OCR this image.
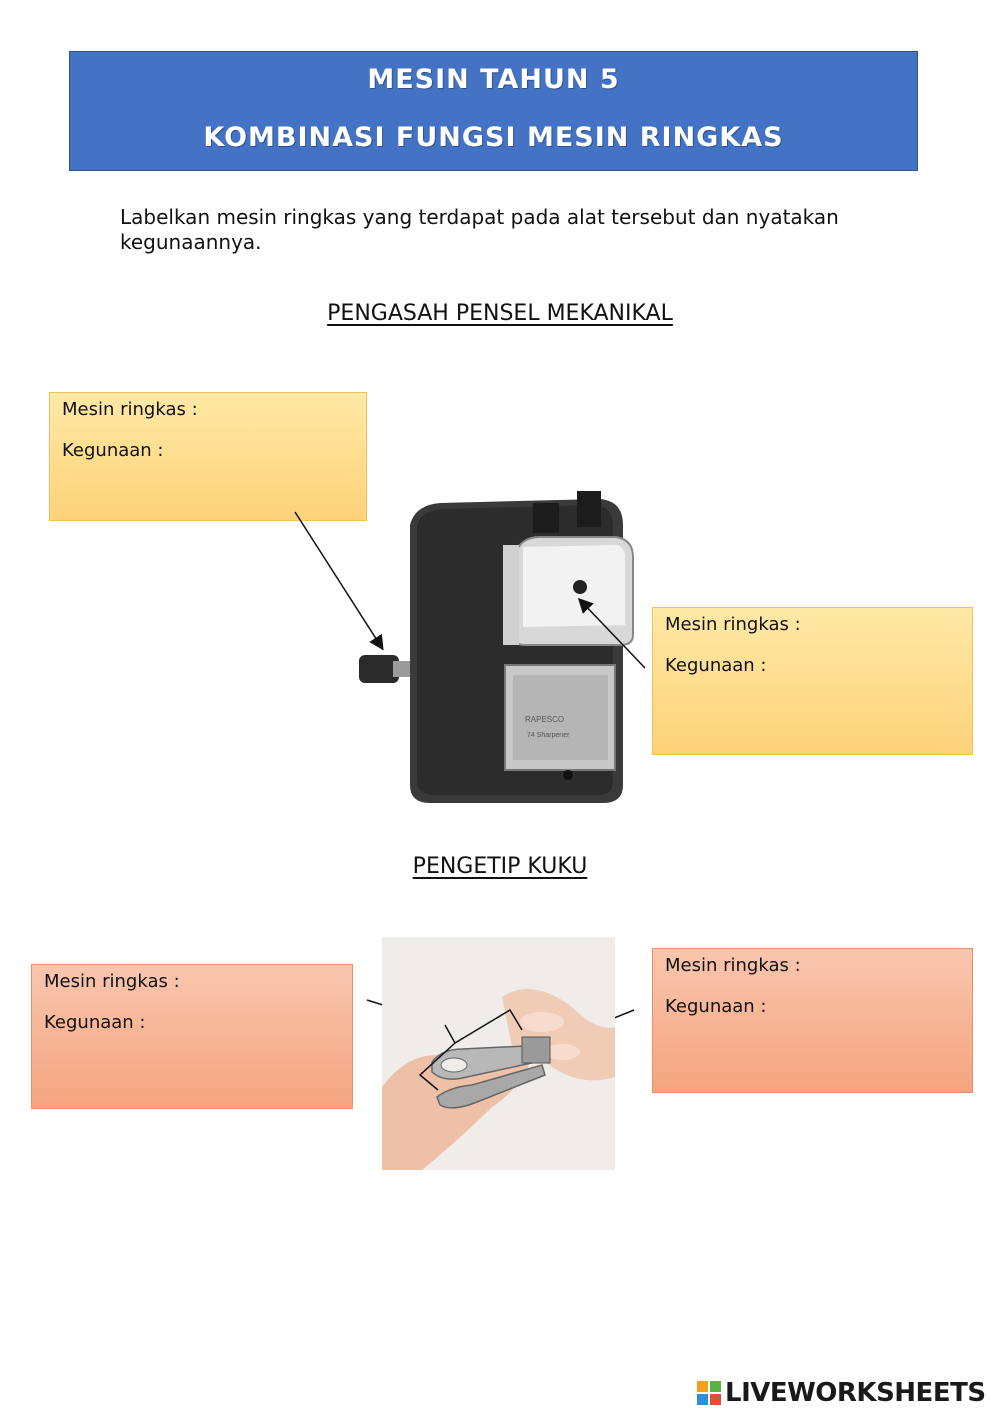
MESIN TAHUN 5
KOMBINASI FUNGSI MESIN RINGKAS
Labelkan mesin ringkas yang terdapat pada alat tersebut dan nyatakan kegunaannya.
PENGASAH PENSEL MEKANIKAL
Mesin ringkas :
Kegunaan :
Mesin ringkas :
Kegunaan :
RAPESCO
74 Sharpener
PENGETIP KUKU
Mesin ringkas :
Kegunaan :
Mesin ringkas :
Kegunaan :
LIVEWORKSHEETS
